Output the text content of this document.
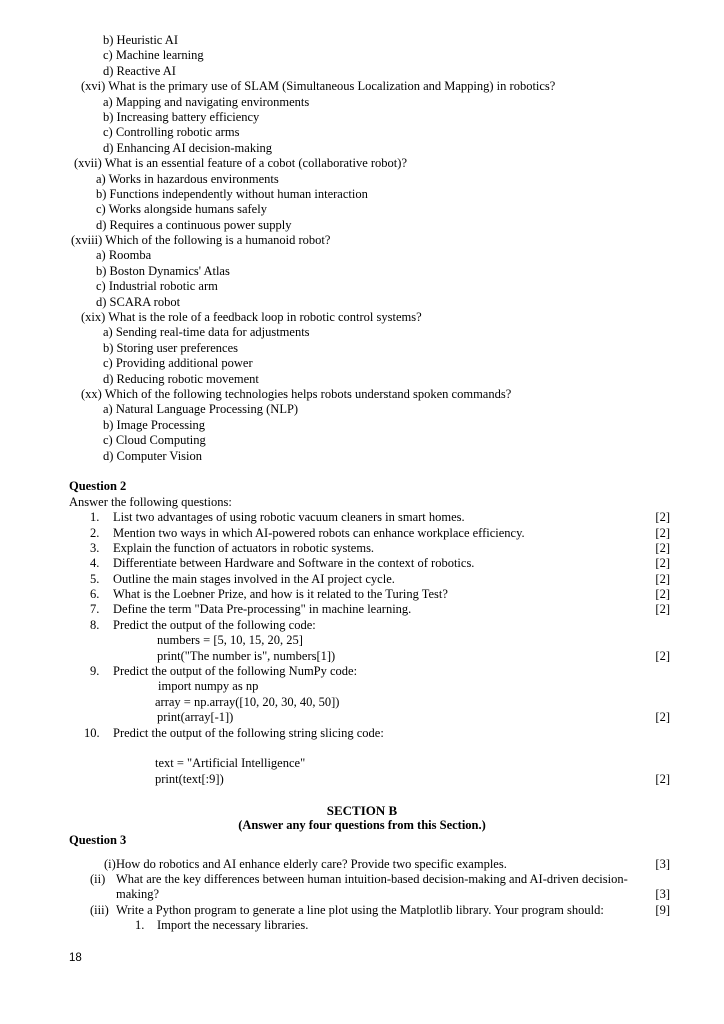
b) Heuristic AI
c) Machine learning
d) Reactive AI
(xvi) What is the primary use of SLAM (Simultaneous Localization and Mapping) in robotics?
a) Mapping and navigating environments
b) Increasing battery efficiency
c) Controlling robotic arms
d) Enhancing AI decision-making
(xvii) What is an essential feature of a cobot (collaborative robot)?
a) Works in hazardous environments
b) Functions independently without human interaction
c) Works alongside humans safely
d) Requires a continuous power supply
(xviii) Which of the following is a humanoid robot?
a) Roomba
b) Boston Dynamics' Atlas
c) Industrial robotic arm
d) SCARA robot
(xix) What is the role of a feedback loop in robotic control systems?
a) Sending real-time data for adjustments
b) Storing user preferences
c) Providing additional power
d) Reducing robotic movement
(xx) Which of the following technologies helps robots understand spoken commands?
a) Natural Language Processing (NLP)
b) Image Processing
c) Cloud Computing
d) Computer Vision
Question 2
Answer the following questions:
1. List two advantages of using robotic vacuum cleaners in smart homes.	[2]
2. Mention two ways in which AI-powered robots can enhance workplace efficiency.	[2]
3. Explain the function of actuators in robotic systems.	[2]
4. Differentiate between Hardware and Software in the context of robotics.	[2]
5. Outline the main stages involved in the AI project cycle.	[2]
6. What is the Loebner Prize, and how is it related to the Turing Test?	[2]
7. Define the term "Data Pre-processing" in machine learning.	[2]
8. Predict the output of the following code:
numbers = [5, 10, 15, 20, 25]
print("The number is", numbers[1])	[2]
9. Predict the output of the following NumPy code:
import numpy as np
array = np.array([10, 20, 30, 40, 50])
print(array[-1])	[2]
10. Predict the output of the following string slicing code:
text = "Artificial Intelligence"
print(text[:9])	[2]
SECTION B
(Answer any four questions from this Section.)
Question 3
(i) How do robotics and AI enhance elderly care? Provide two specific examples.	[3]
(ii) What are the key differences between human intuition-based decision-making and AI-driven decision-
making?	[3]
(iii) Write a Python program to generate a line plot using the Matplotlib library. Your program should:	[9]
1. Import the necessary libraries.
18
